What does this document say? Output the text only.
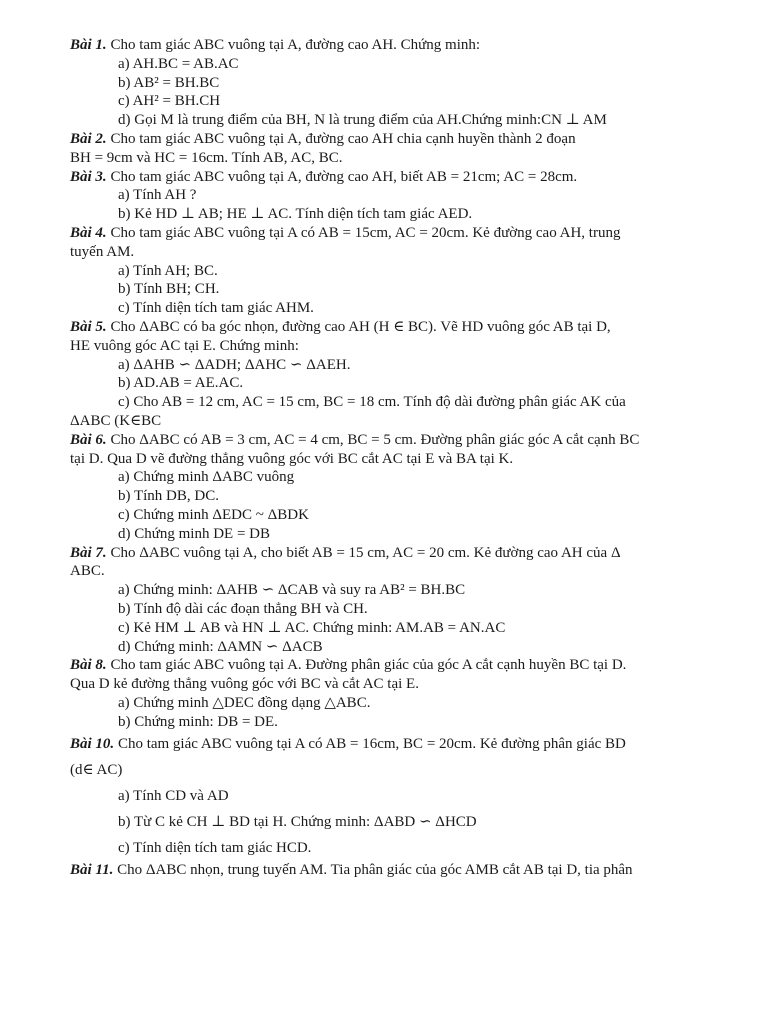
Bài 1. Cho tam giác ABC vuông tại A, đường cao AH. Chứng minh:
a) AH.BC = AB.AC
b) AB² = BH.BC
c) AH² = BH.CH
d) Gọi M là trung điểm của BH, N là trung điểm của AH.Chứng minh:CN ⊥ AM
Bài 2. Cho tam giác ABC vuông tại A, đường cao AH chia cạnh huyền thành 2 đoạn
BH = 9cm và HC = 16cm. Tính AB, AC, BC.
Bài 3. Cho tam giác ABC vuông tại A, đường cao AH, biết AB = 21cm; AC = 28cm.
a) Tính AH ?
b) Kẻ HD ⊥ AB; HE ⊥ AC. Tính diện tích tam giác AED.
Bài 4. Cho tam giác ABC vuông tại A có AB = 15cm, AC = 20cm. Kẻ đường cao AH, trung
tuyến AM.
a) Tính AH; BC.
b) Tính BH; CH.
c) Tính diện tích tam giác AHM.
Bài 5. Cho ΔABC có ba góc nhọn, đường cao AH (H ∈ BC). Vẽ HD vuông góc AB tại D,
HE vuông góc AC tại E. Chứng minh:
a) ΔAHB ∽ ΔADH; ΔAHC ∽ ΔAEH.
b) AD.AB = AE.AC.
c) Cho AB = 12 cm, AC = 15 cm, BC = 18 cm. Tính độ dài đường phân giác AK của
ΔABC (K∈BC
Bài 6. Cho ΔABC có AB = 3 cm, AC = 4 cm, BC = 5 cm. Đường phân giác góc A cắt cạnh BC
tại D. Qua D vẽ đường thẳng vuông góc với BC cắt AC tại E và BA tại K.
a) Chứng minh ΔABC vuông
b) Tính DB, DC.
c) Chứng minh ΔEDC ~ ΔBDK
d) Chứng minh DE = DB
Bài 7. Cho ΔABC vuông tại A, cho biết AB = 15 cm, AC = 20 cm. Kẻ đường cao AH của Δ
ABC.
a) Chứng minh: ΔAHB ∽ ΔCAB và suy ra AB² = BH.BC
b) Tính độ dài các đoạn thẳng BH và CH.
c) Kẻ HM ⊥ AB và HN ⊥ AC. Chứng minh: AM.AB = AN.AC
d) Chứng minh: ΔAMN ∽ ΔACB
Bài 8. Cho tam giác ABC vuông tại A. Đường phân giác của góc A cắt cạnh huyền BC tại D.
Qua D kẻ đường thẳng vuông góc với BC và cắt AC tại E.
a) Chứng minh △DEC đồng dạng △ABC.
b) Chứng minh: DB = DE.
Bài 10. Cho tam giác ABC vuông tại A có AB = 16cm, BC = 20cm. Kẻ đường phân giác BD
(d∈ AC)
a) Tính CD và AD
b) Từ C kẻ CH ⊥ BD tại H. Chứng minh: ΔABD ∽ ΔHCD
c) Tính diện tích tam giác HCD.
Bài 11. Cho ΔABC nhọn, trung tuyến AM. Tia phân giác của góc AMB cắt AB tại D, tia phân
